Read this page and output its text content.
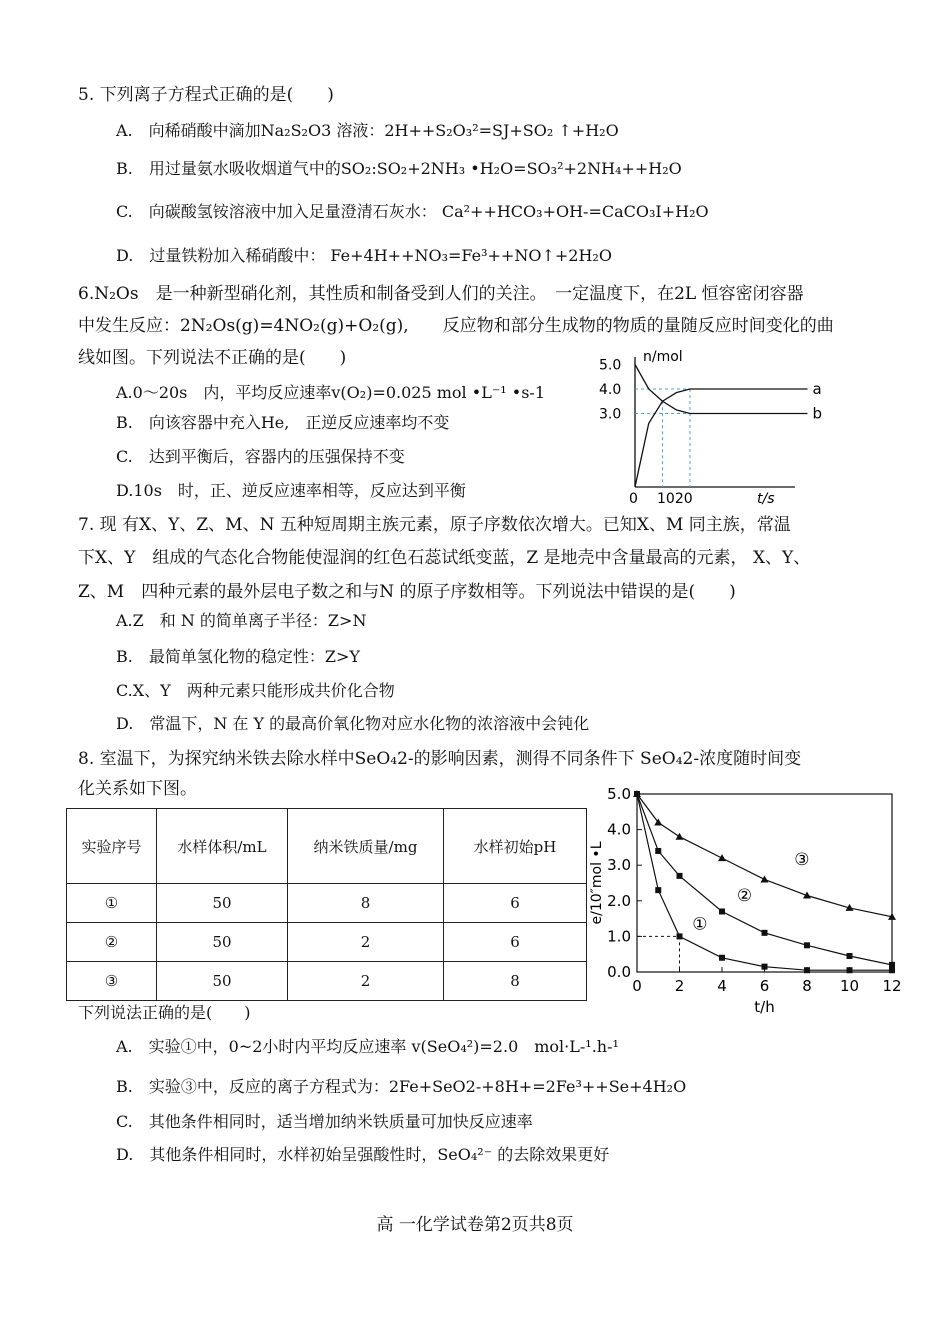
5. 下列离子方程式正确的是(　　)
A.　向稀硝酸中滴加Na₂S₂O3 溶液：2H++S₂O₃²=SJ+SO₂ ↑+H₂O
B.　用过量氨水吸收烟道气中的SO₂:SO₂+2NH₃ •H₂O=SO₃²+2NH₄++H₂O
C.　向碳酸氢铵溶液中加入足量澄清石灰水： Ca²++HCO₃+OH-=CaCO₃I+H₂O
D.　过量铁粉加入稀硝酸中： Fe+4H++NO₃=Fe³++NO↑+2H₂O
6.N₂Os　是一种新型硝化剂，其性质和制备受到人们的关注。　一定温度下，在2L 恒容密闭容器
中发生反应：2N₂Os(g)=4NO₂(g)+O₂(g),　　反应物和部分生成物的物质的量随反应时间变化的曲
线如图。下列说法不正确的是(　　)
A.0～20s　内，平均反应速率v(O₂)=0.025 mol •L⁻¹ •s-1
B.　向该容器中充入He,　正逆反应速率均不变
C.　达到平衡后，容器内的压强保持不变
D.10s　时，正、逆反应速率相等，反应达到平衡
n/mol
t/s
5.0
4.0
3.0
0 1020
a
b
7. 现 有X、Y、Z、M、N 五种短周期主族元素，原子序数依次增大。已知X、M 同主族，常温
下X、Y　组成的气态化合物能使湿润的红色石蕊试纸变蓝，Z 是地壳中含量最高的元素， X、Y、
Z、M　四种元素的最外层电子数之和与N 的原子序数相等。下列说法中错误的是(　　)
A.Z　和 N 的简单离子半径：Z>N
B.　最简单氢化物的稳定性：Z>Y
C.X、Y　两种元素只能形成共价化合物
D.　常温下，N 在 Y 的最高价氧化物对应水化物的浓溶液中会钝化
8. 室温下，为探究纳米铁去除水样中SeO₄2-的影响因素，测得不同条件下 SeO₄2-浓度随时间变
化关系如下图。
实验序号	水样体积/mL	纳米铁质量/mg	水样初始pH
①	50	8	6
②	50	2	6
③	50	2	8	0.0
1.0
2.0
3.0
4.0
5.0
0 2 4 6 8 10 12
t/h
e/10″mol •L	①
②
③
下列说法正确的是(　　)
A.　实验①中，0~2小时内平均反应速率 v(SeO₄²)=2.0　mol·L-¹.h-¹
B.　实验③中，反应的离子方程式为：2Fe+SeO2-+8H+=2Fe³++Se+4H₂O
C.　其他条件相同时，适当增加纳米铁质量可加快反应速率
D.　其他条件相同时，水样初始呈强酸性时，SeO₄²⁻ 的去除效果更好
高 一化学试卷第2页共8页
